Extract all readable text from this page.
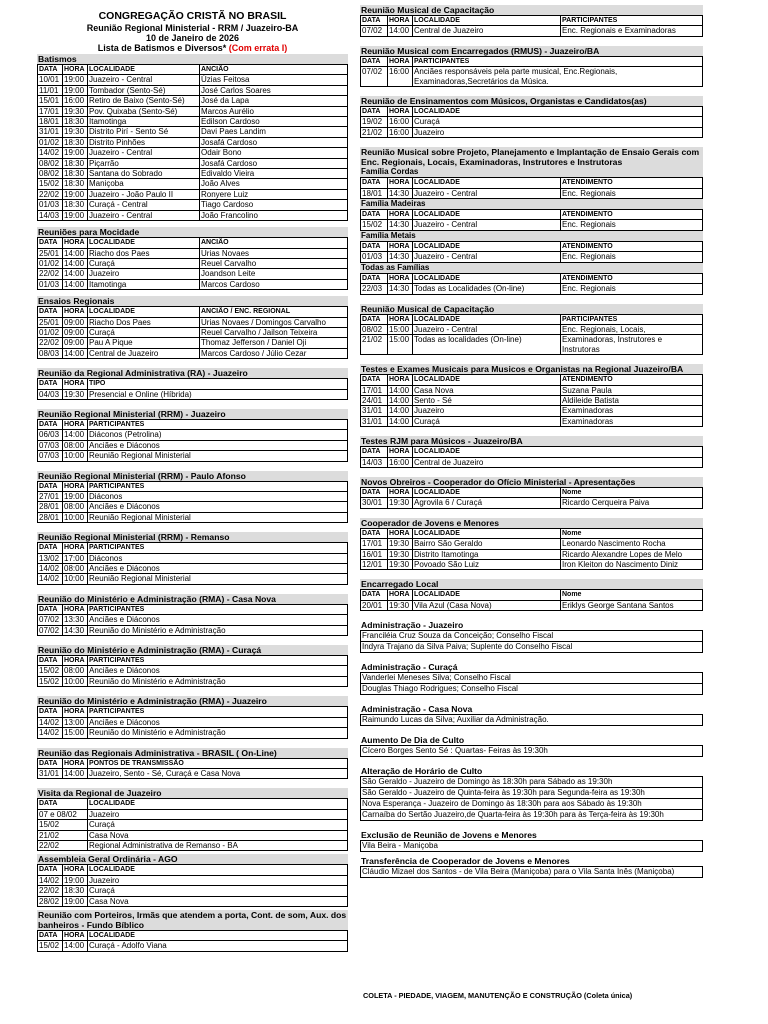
CONGREGAÇÃO CRISTÃ NO BRASIL
Reunião Regional Ministerial - RRM / Juazeiro-BA
10 de Janeiro de 2026
Lista de Batismos e Diversos* (Com errata I)
Batismos
DATA	HORA	LOCALIDADE	ANCIÃO
10/01	19:00	Juazeiro - Central	Úzias Feitosa
11/01	19:00	Tombador (Sento-Sé)	José Carlos Soares
15/01	16:00	Retiro de Baixo (Sento-Sé)	José da Lapa
17/01	19:30	Pov. Quixaba (Sento-Sé)	Marcos Aurélio
18/01	18:30	Itamotinga	Edilson Cardoso
31/01	19:30	Distrito Pirí - Sento Sé	Davi Paes Landim
01/02	18:30	Distrito Pinhões	Josafá Cardoso
14/02	19:00	Juazeiro - Central	Odair Bono
08/02	18:30	Piçarrão	Josafá Cardoso
08/02	18:30	Santana do Sobrado	Edivaldo Vieira
15/02	18:30	Maniçoba	João Alves
22/02	19:00	Juazeiro - João Paulo II	Ronyere Luiz
01/03	18:30	Curaçá - Central	Tiago Cardoso
14/03	19:00	Juazeiro - Central	João Francolino
Reuniões para Mocidade
DATA	HORA	LOCALIDADE	ANCIÃO
25/01	14:00	Riacho dos Paes	Urias Novaes
01/02	14:00	Curaçá	Reuel Carvalho
22/02	14:00	Juazeiro	Joandson Leite
01/03	14:00	Itamotinga	Marcos Cardoso
Ensaios Regionais
DATA	HORA	LOCALIDADE	ANCIÃO / ENC. REGIONAL
25/01	09:00	Riacho Dos Paes	Urias Novaes / Domingos Carvalho
01/02	09:00	Curaçá	Reuel Carvalho / Jailson Teixeira
22/02	09:00	Pau A Pique	Thomaz Jefferson / Daniel Oji
08/03	14:00	Central de Juazeiro	Marcos Cardoso / Júlio Cezar
Reunião da Regional Administrativa (RA) - Juazeiro
DATA	HORA	TIPO
04/03	19:30	Presencial e Online (Híbrida)
Reunião Regional Ministerial (RRM) - Juazeiro
DATA	HORA	PARTICIPANTES
06/03	14:00	Diáconos (Petrolina)
07/03	08:00	Anciães e Diáconos
07/03	10:00	Reunião Regional Ministerial
Reunião Regional Ministerial (RRM) - Paulo Afonso
DATA	HORA	PARTICIPANTES
27/01	19:00	Diáconos
28/01	08:00	Anciães e Diáconos
28/01	10:00	Reunião Regional Ministerial
Reunião Regional Ministerial (RRM) - Remanso
DATA	HORA	PARTICIPANTES
13/02	17:00	Diáconos
14/02	08:00	Anciães e Diáconos
14/02	10:00	Reunião Regional Ministerial
Reunião do Ministério e Administração (RMA) - Casa Nova
DATA	HORA	PARTICIPANTES
07/02	13:30	Anciães e Diáconos
07/02	14:30	Reunião do Ministério e Administração
Reunião do Ministério e Administração (RMA) - Curaçá
DATA	HORA	PARTICIPANTES
15/02	08:00	Anciães e Diáconos
15/02	10:00	Reunião do Ministério e Administração
Reunião do Ministério e Administração (RMA) - Juazeiro
DATA	HORA	PARTICIPANTES
14/02	13:00	Anciães e Diáconos
14/02	15:00	Reunião do Ministério e Administração
Reunião das Regionais Administrativa - BRASIL ( On-Line)
DATA	HORA	PONTOS DE TRANSMISSÃO
31/01	14:00	Juazeiro, Sento - Sé, Curaçá e Casa Nova
Visita da Regional de Juazeiro
DATA	LOCALIDADE
07 e 08/02	Juazeiro
15/02	Curaçá
21/02	Casa Nova
22/02	Regional Administrativa de Remanso - BA
Assembleia Geral Ordinária - AGO
DATA	HORA	LOCALIDADE
14/02	19:00	Juazeiro
22/02	18:30	Curaçá
28/02	19:00	Casa Nova
Reunião com Porteiros, Irmãs que atendem a porta, Cont. de som, Aux. dos banheiros - Fundo Bíblico
DATA	HORA	LOCALIDADE
15/02	14:00	Curaçá - Adolfo Viana
Reunião Musical de Capacitação
DATA	HORA	LOCALIDADE	PARTICIPANTES
07/02	14:00	Central de Juazeiro	Enc. Regionais e Examinadoras
Reunião Musical com Encarregados (RMUS) - Juazeiro/BA
DATA	HORA	PARTICIPANTES
07/02	16:00	Anciães responsáveis pela parte musical, Enc.Regionais, Examinadoras,Secretários da Música.
Reunião de Ensinamentos com Músicos, Organistas e Candidatos(as)
DATA	HORA	LOCALIDADE
19/02	16:00	Curaçá
21/02	16:00	Juazeiro
Reunião Musical sobre Projeto, Planejamento e Implantação de Ensaio Gerais com Enc. Regionais, Locais, Examinadoras, Instrutores e Instrutoras
Família Cordas
DATA	HORA	LOCALIDADE	ATENDIMENTO
18/01	14:30	Juazeiro - Central	Enc. Regionais
Família Madeiras
DATA	HORA	LOCALIDADE	ATENDIMENTO
15/02	14:30	Juazeiro - Central	Enc. Regionais
Família Metais
DATA	HORA	LOCALIDADE	ATENDIMENTO
01/03	14:30	Juazeiro - Central	Enc. Regionais
Todas as Famílias
DATA	HORA	LOCALIDADE	ATENDIMENTO
22/03	14:30	Todas as Localidades (On-line)	Enc. Regionais
Reunião Musical de Capacitação
DATA	HORA	LOCALIDADE	PARTICIPANTES
08/02	15:00	Juazeiro - Central	Enc. Regionais, Locais,
21/02	15:00	Todas as localidades (On-line)	Examinadoras, Instrutores e Instrutoras
Testes e Exames Musicais para Musicos e Organistas na Regional Juazeiro/BA
DATA	HORA	LOCALIDADE	ATENDIMENTO
17/01	14:00	Casa Nova	Suzana Paula
24/01	14:00	Sento - Sé	Aldileide Batista
31/01	14:00	Juazeiro	Examinadoras
31/01	14:00	Curaçá	Examinadoras
Testes RJM para Músicos - Juazeiro/BA
DATA	HORA	LOCALIDADE
14/03	16:00	Central de Juazeiro
Novos Obreiros - Cooperador do Ofício Ministerial - Apresentações
DATA	HORA	LOCALIDADE	Nome
30/01	19:30	Agrovila 6 / Curaçá	Ricardo Cerqueira Paiva
Cooperador de Jovens e Menores
DATA	HORA	LOCALIDADE	Nome
17/01	19:30	Bairro São Geraldo	Leonardo Nascimento Rocha
16/01	19:30	Distrito Itamotinga	Ricardo Alexandre Lopes de Melo
12/01	19:30	Povoado São Luiz	Iron Kleiton do Nascimento Diniz
Encarregado Local
DATA	HORA	LOCALIDADE	Nome
20/01	19:30	Vila Azul (Casa Nova)	Eriklys George Santana Santos
Administração - Juazeiro
Franciléia Cruz Souza da Conceição; Conselho Fiscal
Indyra Trajano da Silva Paiva; Suplente do Conselho Fiscal
Administração - Curaçá
Vanderlei Meneses Silva; Conselho Fiscal
Douglas Thiago Rodrigues; Conselho Fiscal
Administração - Casa Nova
Raimundo Lucas da Silva; Auxiliar da Administração.
Aumento De Dia de Culto
Cícero Borges Sento Sé : Quartas- Feiras às 19:30h
Alteração de Horário de Culto
São Geraldo - Juazeiro de Domingo às 18:30h para Sábado as 19:30h
São Geraldo - Juazeiro de Quinta-feira às 19:30h para Segunda-feira as 19:30h
Nova Esperança - Juazeiro de Domingo às 18:30h para aos Sábado às 19:30h
Carnaíba do Sertão Juazeiro,de Quarta-feira às 19:30h para às Terça-feira às 19:30h
Exclusão de Reunião de Jovens e Menores
Vila Beira - Maniçoba
Transferência de Cooperador de Jovens e Menores
Cláudio Mizael dos Santos - de Vila Beira (Maniçoba) para o Vila Santa Inês (Maniçoba)
COLETA - PIEDADE, VIAGEM, MANUTENÇÃO E CONSTRUÇÃO (Coleta única)
